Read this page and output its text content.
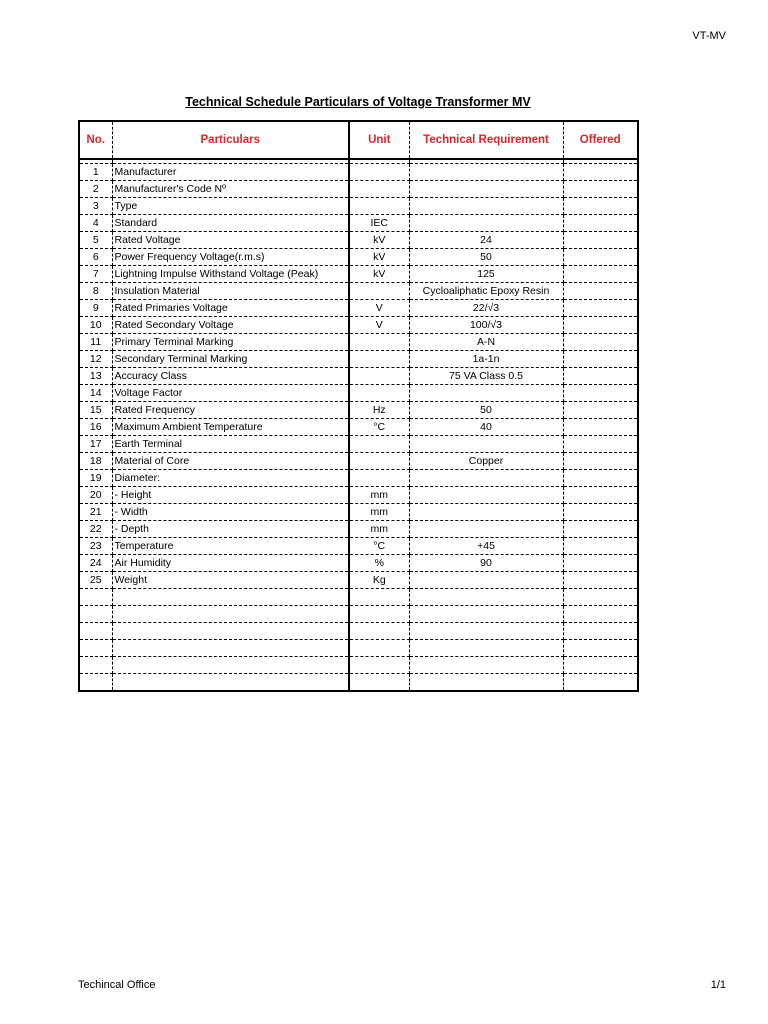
VT-MV
Technical Schedule Particulars of Voltage Transformer MV
No.	Particulars	Unit	Technical Requirement	Offered

1	Manufacturer			
2	Manufacturer's Code Nº			
3	Type			
4	Standard	IEC		
5	Rated Voltage	kV	24	
6	Power Frequency Voltage(r.m.s)	kV	50	
7	Lightning Impulse Withstand Voltage (Peak)	kV	125	
8	Insulation Material		Cycloaliphatic Epoxy Resin	
9	Rated Primaries Voltage	V	22/√3	
10	Rated Secondary Voltage	V	100/√3	
11	Primary Terminal Marking		A-N	
12	Secondary Terminal Marking		1a-1n	
13	Accuracy Class		75 VA Class 0.5	
14	Voltage Factor			
15	Rated Frequency	Hz	50	
16	Maximum Ambient Temperature	°C	40	
17	Earth Terminal			
18	Material of Core		Copper	
19	Diameter:			
20	- Height	mm		
21	- Width	mm		
22	- Depth	mm		
23	Temperature	°C	+45	
24	Air Humidity	%	90	
25	Weight	Kg		

Techincal Office	1/1
